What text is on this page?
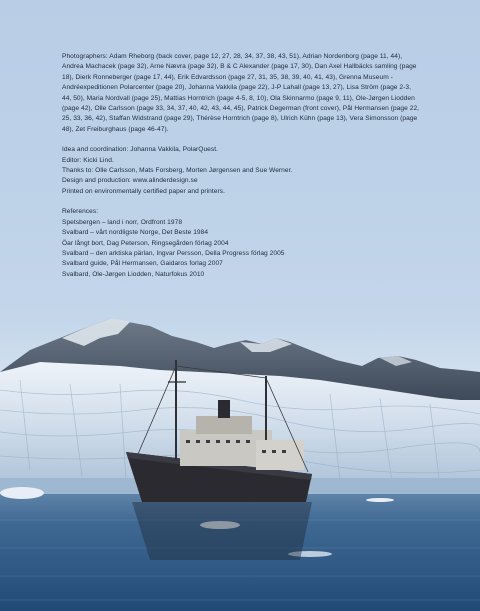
Photographers: Adam Rheborg (back cover, page 12, 27, 28, 34, 37, 38, 43, 51), Adrian Nordenborg (page 11, 44), Andrea Machacek (page 32), Arne Nævra (page 32), B & C Alexander (page 17, 30), Dan Axel Hallbäcks samling (page 18), Dierk Ronneberger (page 17, 44), Erik Edvardsson (page 27, 31, 35, 38, 39, 40, 41, 43), Grenna Museum - Andréexpeditionen Polarcenter (page 20), Johanna Vakkila (page 22), J-P Lahall (page 13, 27), Lisa Ström (page 2-3, 44, 50), Maria Nordvall (page 25), Mattias Horntrich (page 4-5, 8, 10), Ola Skinnarmo (page 9, 11), Ole-Jørgen Liodden (page 42), Olle Carlsson (page 33, 34, 37, 40, 42, 43, 44, 45), Patrick Degerman (front cover), Pål Hermansen (page 22, 25, 33, 36, 42), Staffan Widstrand (page 29), Thérèse Horntrich (page 8), Ulrich Kühn (page 13), Vera Simonsson (page 48), Zet Freiburghaus (page 46-47).

Idea and coordination: Johanna Vakkila, PolarQuest.
Editor: Kicki Lind.
Thanks to: Olle Carlsson, Mats Forsberg, Morten Jørgensen and Sue Werner.
Design and production: www.alinderdesign.se
Printed on environmentally certified paper and printers.

References:
Spetsbergen – land i norr, Ordfront 1978
Svalbard – vårt nordligste Norge, Det Beste 1984
Öar långt bort, Dag Peterson, Ringsegården förlag 2004
Svalbard – den arktiska pärlan, Ingvar Persson, Della Progress förlag 2005
Svalbard guide, Pål Hermansen, Gaidaros forlag 2007
Svalbard, Ole-Jørgen Liodden, Naturfokus 2010
